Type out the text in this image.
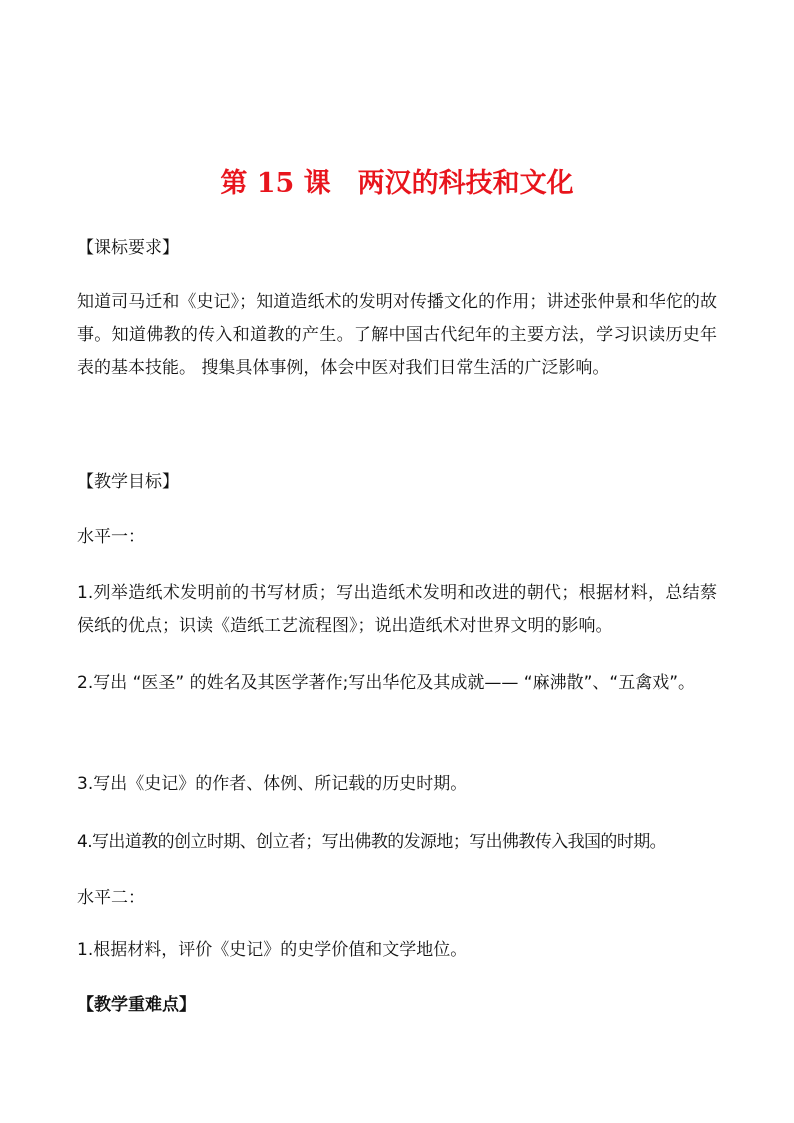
第 15 课　两汉的科技和文化
【课标要求】

知道司马迁和《史记》；知道造纸术的发明对传播文化的作用；讲述张仲景和华佗的故事。知道佛教的传入和道教的产生。了解中国古代纪年的主要方法，学习识读历史年表的基本技能。 搜集具体事例，体会中医对我们日常生活的广泛影响。

【教学目标】
水平一：

1.列举造纸术发明前的书写材质；写出造纸术发明和改进的朝代；根据材料，总结蔡侯纸的优点；识读《造纸工艺流程图》；说出造纸术对世界文明的影响。

2.写出 “医圣” 的姓名及其医学著作;写出华佗及其成就—— “麻沸散”、“五禽戏”。

3.写出《史记》的作者、体例、所记载的历史时期。

4.写出道教的创立时期、创立者；写出佛教的发源地；写出佛教传入我国的时期。

水平二：

1.根据材料，评价《史记》的史学价值和文学地位。

【教学重难点】
